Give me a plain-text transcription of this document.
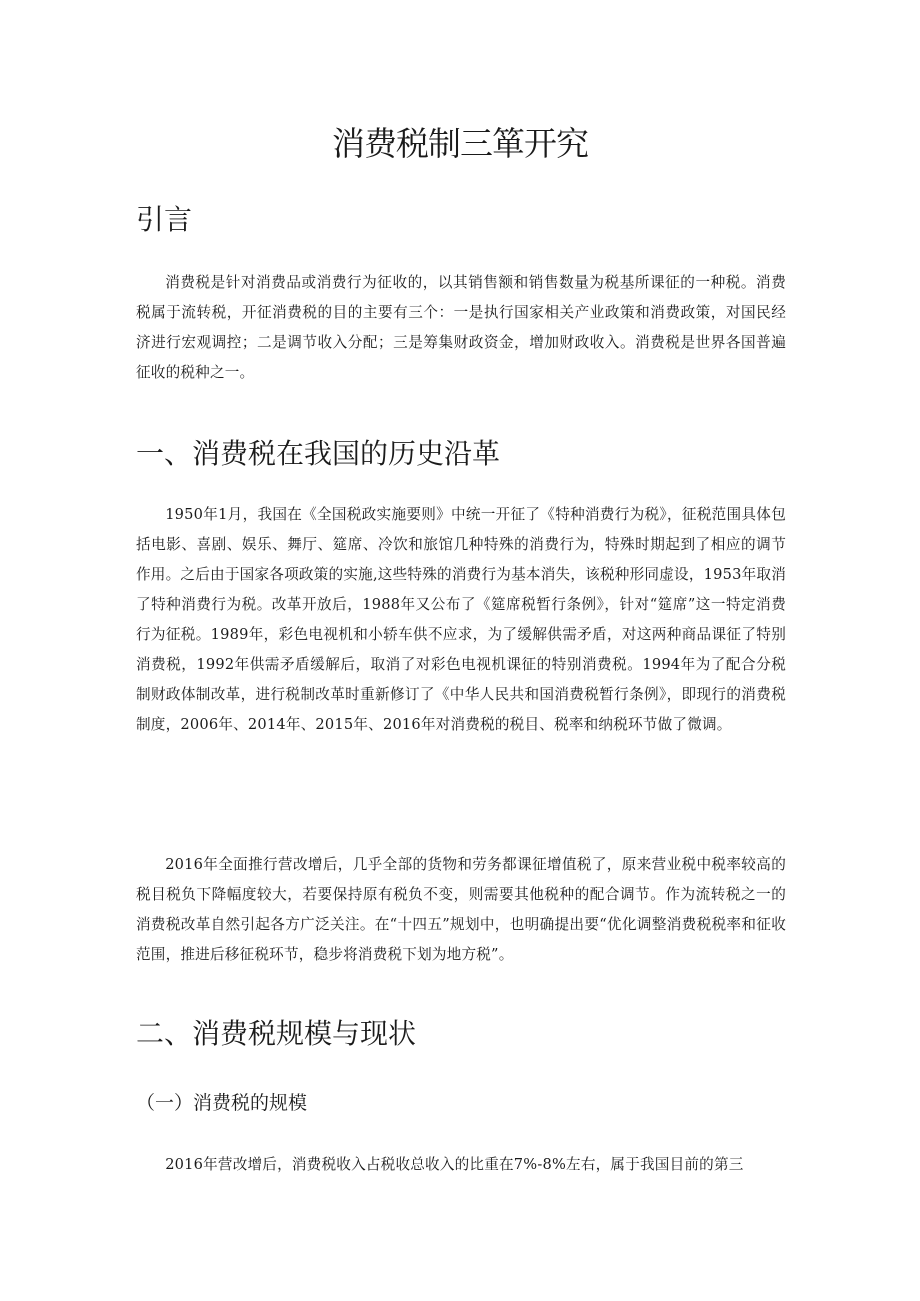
消费税制三箪开究
引言

消费税是针对消费品或消费行为征收的，以其销售额和销售数量为税基所课征的一种税。消费税属于流转税，开征消费税的目的主要有三个：一是执行国家相关产业政策和消费政策，对国民经济进行宏观调控；二是调节收入分配；三是筹集财政资金，增加财政收入。消费税是世界各国普遍征收的税种之一。

一、消费税在我国的历史沿革

1950年1月，我国在《全国税政实施要则》中统一开征了《特种消费行为税》，征税范围具体包括电影、喜剧、娱乐、舞厅、筵席、冷饮和旅馆几种特殊的消费行为，特殊时期起到了相应的调节作用。之后由于国家各项政策的实施,这些特殊的消费行为基本消失，该税种形同虚设，1953年取消了特种消费行为税。改革开放后，1988年又公布了《筵席税暂行条例》，针对“筵席”这一特定消费行为征税。1989年，彩色电视机和小轿车供不应求，为了缓解供需矛盾，对这两种商品课征了特别消费税，1992年供需矛盾缓解后，取消了对彩色电视机课征的特别消费税。1994年为了配合分税制财政体制改革，进行税制改革时重新修订了《中华人民共和国消费税暂行条例》，即现行的消费税制度，2006年、2014年、2015年、2016年对消费税的税目、税率和纳税环节做了微调。

2016年全面推行营改增后，几乎全部的货物和劳务都课征增值税了，原来营业税中税率较高的税目税负下降幅度较大，若要保持原有税负不变，则需要其他税种的配合调节。作为流转税之一的消费税改革自然引起各方广泛关注。在“十四五”规划中，也明确提出要“优化调整消费税税率和征收范围，推进后移征税环节，稳步将消费税下划为地方税”。

二、消费税规模与现状
（一）消费税的规模

2016年营改增后，消费税收入占税收总收入的比重在7%-8%左右，属于我国目前的第三
